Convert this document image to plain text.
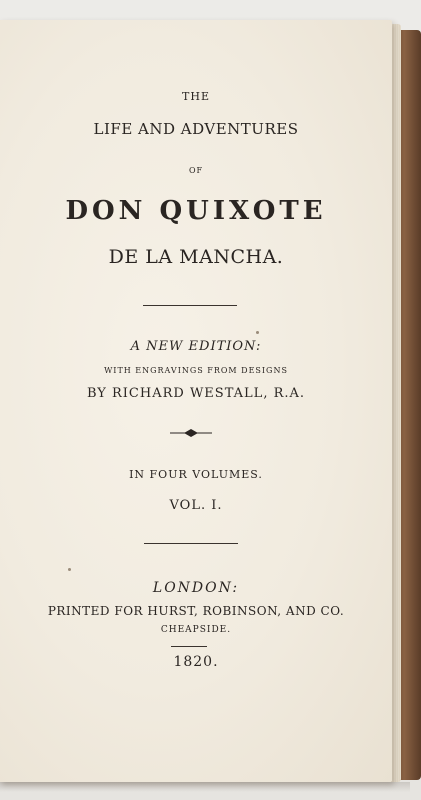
THE
LIFE AND ADVENTURES
OF
DON QUIXOTE
DE LA MANCHA.
A NEW EDITION:
WITH ENGRAVINGS FROM DESIGNS
BY RICHARD WESTALL, R.A.
IN FOUR VOLUMES.
VOL. I.
LONDON:
PRINTED FOR HURST, ROBINSON, AND CO.
CHEAPSIDE.
1820.
